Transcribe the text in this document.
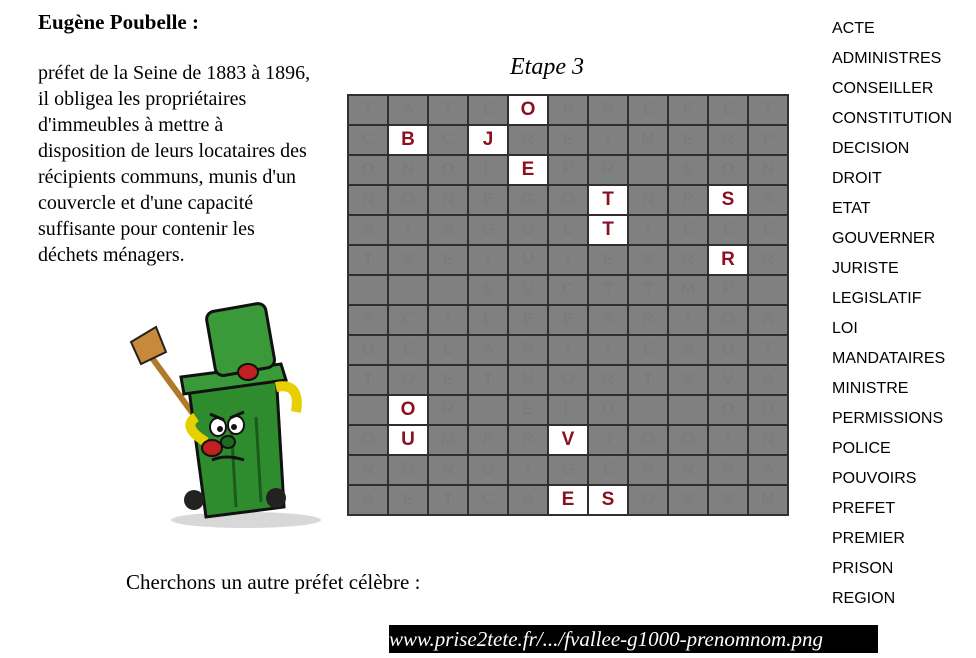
Eugène Poubelle :
préfet de la Seine de 1883 à 1896, il obligea les propriétaires d'immeubles à mettre à disposition de leurs locataires des récipients communs, munis d'un couvercle et d'une capacité suffisante pour contenir les déchets ménagers.
Etape 3
T	A	T	E	O	P	R	E	F	E	T
C	B	C	J	R	E	I	M	E	R	P
O	N	O	L	E	P	R	I	S	O	N
N	O	N	E	G	O	T	N	P	S	S
S	I	S	G	O	L	T	I	E	E	E
T	S	E	I	U	I	E	S	R	R	R
I	I	I	S	V	C	T	T	M	P	I
T	C	I	L	E	E	S	R	I	O	A
U	E	L	A	R	I	I	E	S	U	T
T	D	E	T	N	O	R	T	S	V	A
I	O	R	I	E	L	U	I	I	O	D
O	U	M	F	R	V	J	O	O	I	N
N	D	N	O	I	G	E	R	N	R	A
A	E	T	C	A	E	S	D	S	S	M
ACTE
ADMINISTRES
CONSEILLER
CONSTITUTION
DECISION
DROIT
ETAT
GOUVERNER
JURISTE
LEGISLATIF
LOI
MANDATAIRES
MINISTRE
PERMISSIONS
POLICE
POUVOIRS
PREFET
PREMIER
PRISON
REGION
Cherchons un autre préfet célèbre :
www.prise2tete.fr/.../fvallee-g1000-prenomnom.png
